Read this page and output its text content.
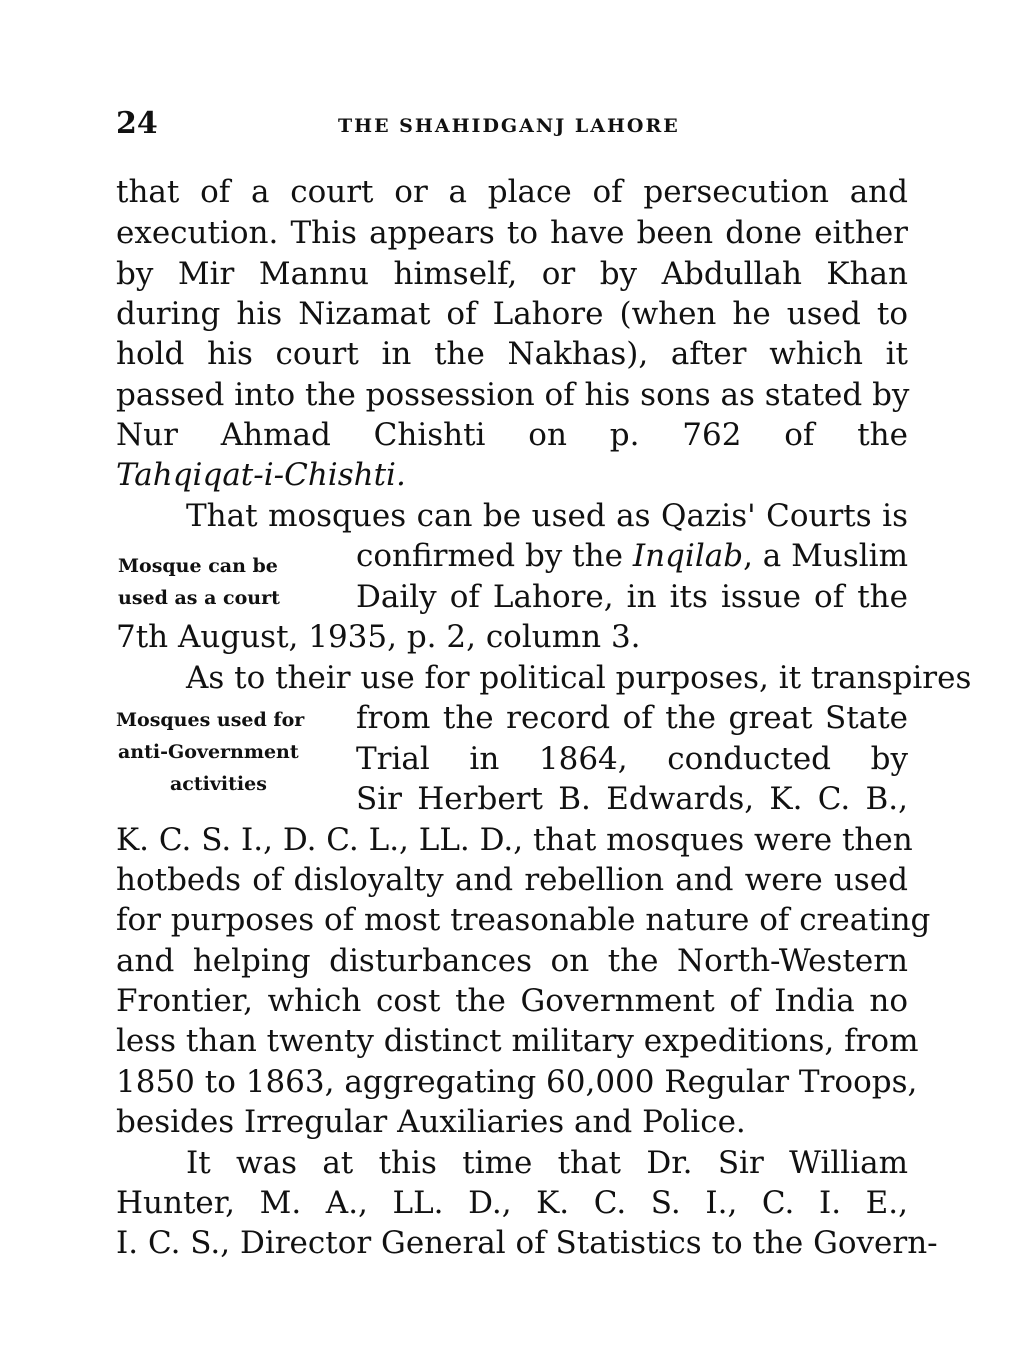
24	THE SHAHIDGANJ LAHORE
that of a court or a place of persecution and
execution. This appears to have been done either
by Mir Mannu himself, or by Abdullah Khan
during his Nizamat of Lahore (when he used to
hold his court in the Nakhas), after which it
passed into the possession of his sons as stated by
Nur Ahmad Chishti on p. 762 of the
Tahqiqat-i-Chishti.
That mosques can be used as Qazis' Courts is
confirmed by the Inqilab, a Muslim
Daily of Lahore, in its issue of the
7th August, 1935, p. 2, column 3.
As to their use for political purposes, it transpires
from the record of the great State
Trial in 1864, conducted by
Sir Herbert B. Edwards, K. C. B.,
K. C. S. I., D. C. L., LL. D., that mosques were then
hotbeds of disloyalty and rebellion and were used
for purposes of most treasonable nature of creating
and helping disturbances on the North-Western
Frontier, which cost the Government of India no
less than twenty distinct military expeditions, from
1850 to 1863, aggregating 60,000 Regular Troops,
besides Irregular Auxiliaries and Police.
It was at this time that Dr. Sir William
Hunter, M. A., LL. D., K. C. S. I., C. I. E.,
I. C. S., Director General of Statistics to the Govern-
Mosque can be
used as a court
Mosques used for
anti-Government
activities
